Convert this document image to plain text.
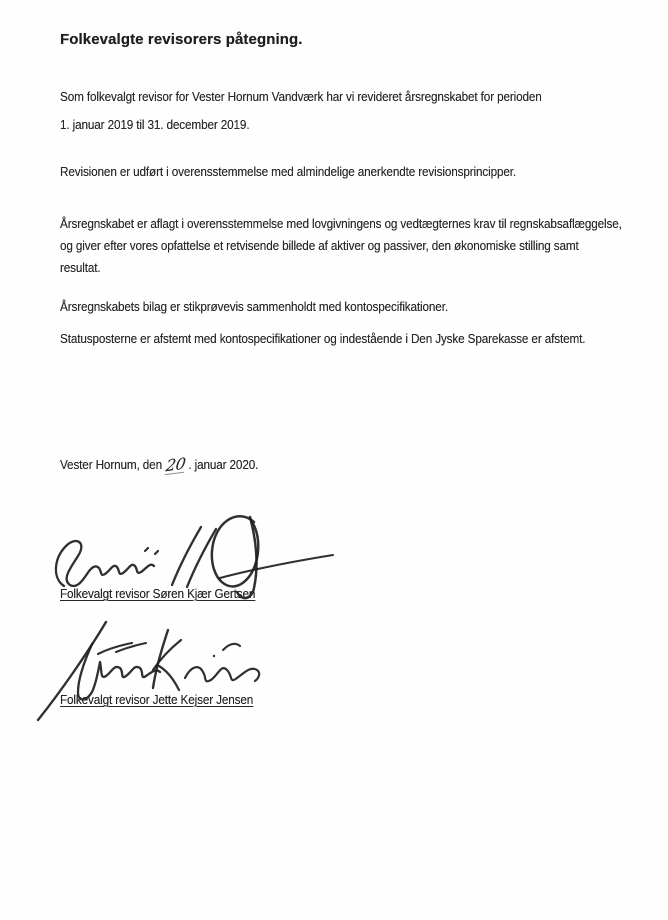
Folkevalgte revisorers påtegning.
Som folkevalgt revisor for Vester Hornum Vandværk har vi revideret årsregnskabet for perioden
1. januar 2019 til 31. december 2019.
Revisionen er udført i overensstemmelse med almindelige anerkendte revisionsprincipper.
Årsregnskabet er aflagt i overensstemmelse med lovgivningens og vedtægternes krav til regnskabsaflæggelse,
og giver efter vores opfattelse et retvisende billede af aktiver og passiver, den økonomiske stilling samt
resultat.
Årsregnskabets bilag er stikprøvevis sammenholdt med kontospecifikationer.
Statusposterne er afstemt med kontospecifikationer og indestående i Den Jyske Sparekasse er afstemt.
Vester Hornum, den 20. januar 2020.
Folkevalgt revisor Søren Kjær Gertsen
Folkevalgt revisor Jette Kejser Jensen
